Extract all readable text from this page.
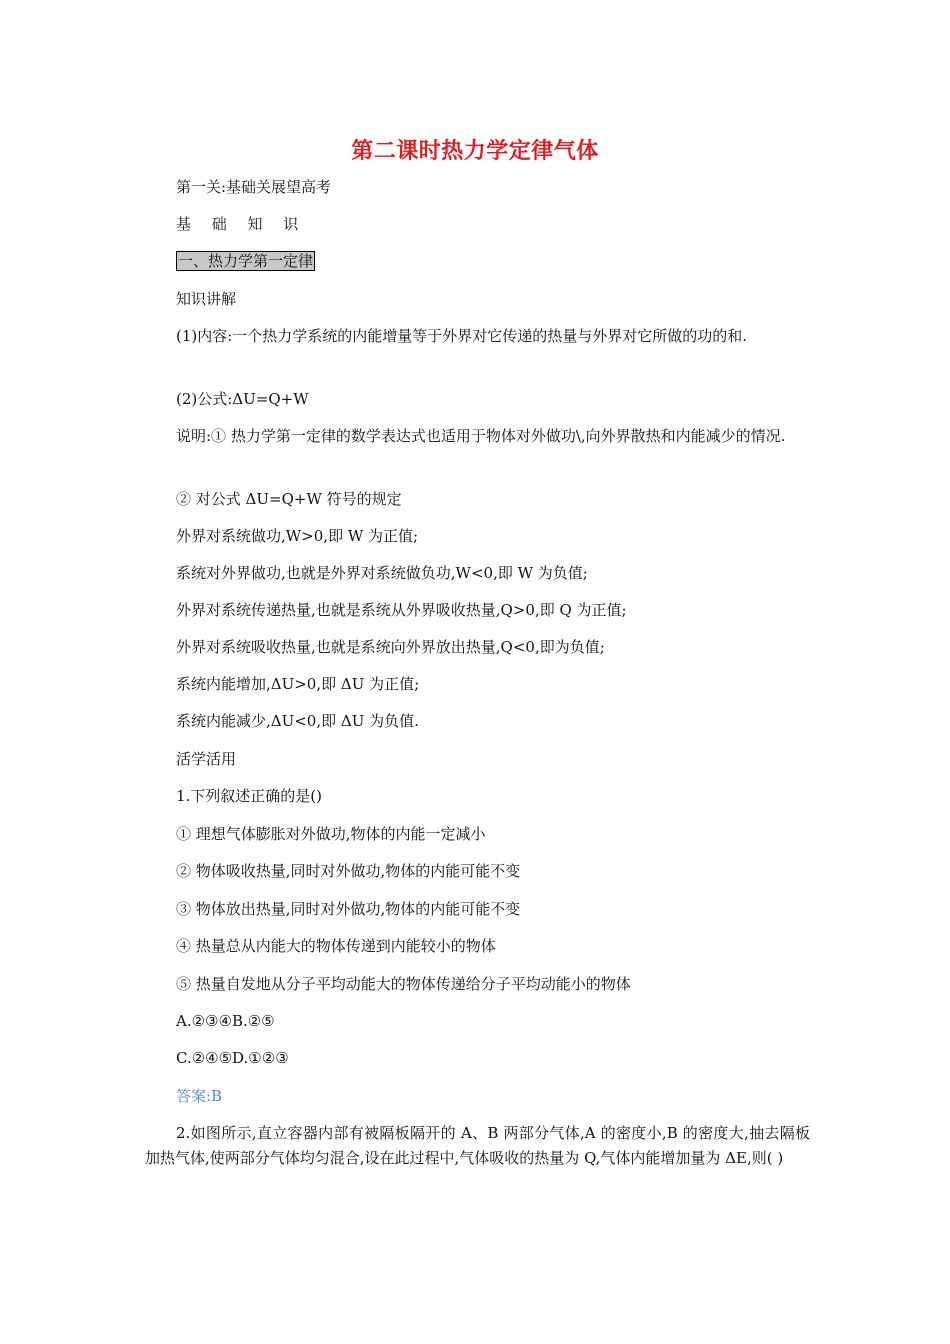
第二课时热力学定律气体
第一关:基础关展望高考
基 础 知 识
一、热力学第一定律
知识讲解
(1)内容:一个热力学系统的内能增量等于外界对它传递的热量与外界对它所做的功的和.
(2)公式:ΔU=Q+W
说明:① 热力学第一定律的数学表达式也适用于物体对外做功\,向外界散热和内能减少的情况.
② 对公式 ΔU=Q+W 符号的规定
外界对系统做功,W>0,即 W 为正值;
系统对外界做功,也就是外界对系统做负功,W<0,即 W 为负值;
外界对系统传递热量,也就是系统从外界吸收热量,Q>0,即 Q 为正值;
外界对系统吸收热量,也就是系统向外界放出热量,Q<0,即为负值;
系统内能增加,ΔU>0,即 ΔU 为正值;
系统内能减少,ΔU<0,即 ΔU 为负值.
活学活用
1.下列叙述正确的是()
① 理想气体膨胀对外做功,物体的内能一定减小
② 物体吸收热量,同时对外做功,物体的内能可能不变
③ 物体放出热量,同时对外做功,物体的内能可能不变
④ 热量总从内能大的物体传递到内能较小的物体
⑤ 热量自发地从分子平均动能大的物体传递给分子平均动能小的物体
A.②③④B.②⑤
C.②④⑤D.①②③
答案:B
2.如图所示,直立容器内部有被隔板隔开的 A、B 两部分气体,A 的密度小,B 的密度大,抽去隔板加热气体,使两部分气体均匀混合,设在此过程中,气体吸收的热量为 Q,气体内能增加量为 ΔE,则( )
